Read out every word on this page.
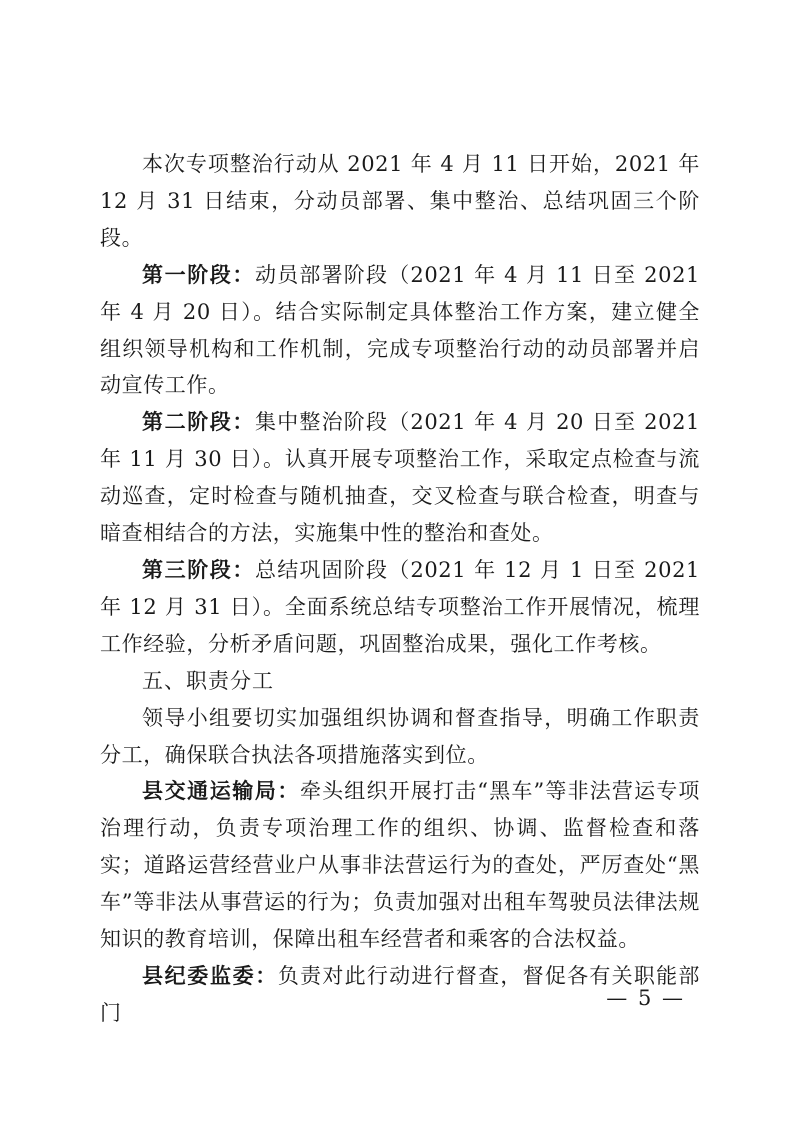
本次专项整治行动从 2021 年 4 月 11 日开始，2021 年 12 月 31 日结束，分动员部署、集中整治、总结巩固三个阶段。

第一阶段：动员部署阶段（2021 年 4 月 11 日至 2021 年 4 月 20 日）。结合实际制定具体整治工作方案，建立健全组织领导机构和工作机制，完成专项整治行动的动员部署并启动宣传工作。

第二阶段：集中整治阶段（2021 年 4 月 20 日至 2021 年 11 月 30 日）。认真开展专项整治工作，采取定点检查与流动巡查，定时检查与随机抽查，交叉检查与联合检查，明查与暗查相结合的方法，实施集中性的整治和查处。

第三阶段：总结巩固阶段（2021 年 12 月 1 日至 2021 年 12 月 31 日）。全面系统总结专项整治工作开展情况，梳理工作经验，分析矛盾问题，巩固整治成果，强化工作考核。

五、职责分工

领导小组要切实加强组织协调和督查指导，明确工作职责分工，确保联合执法各项措施落实到位。

县交通运输局：牵头组织开展打击“黑车”等非法营运专项治理行动，负责专项治理工作的组织、协调、监督检查和落实；道路运营经营业户从事非法营运行为的查处，严厉查处“黑车”等非法从事营运的行为；负责加强对出租车驾驶员法律法规知识的教育培训，保障出租车经营者和乘客的合法权益。

县纪委监委：负责对此行动进行督查，督促各有关职能部门

— 5 —
